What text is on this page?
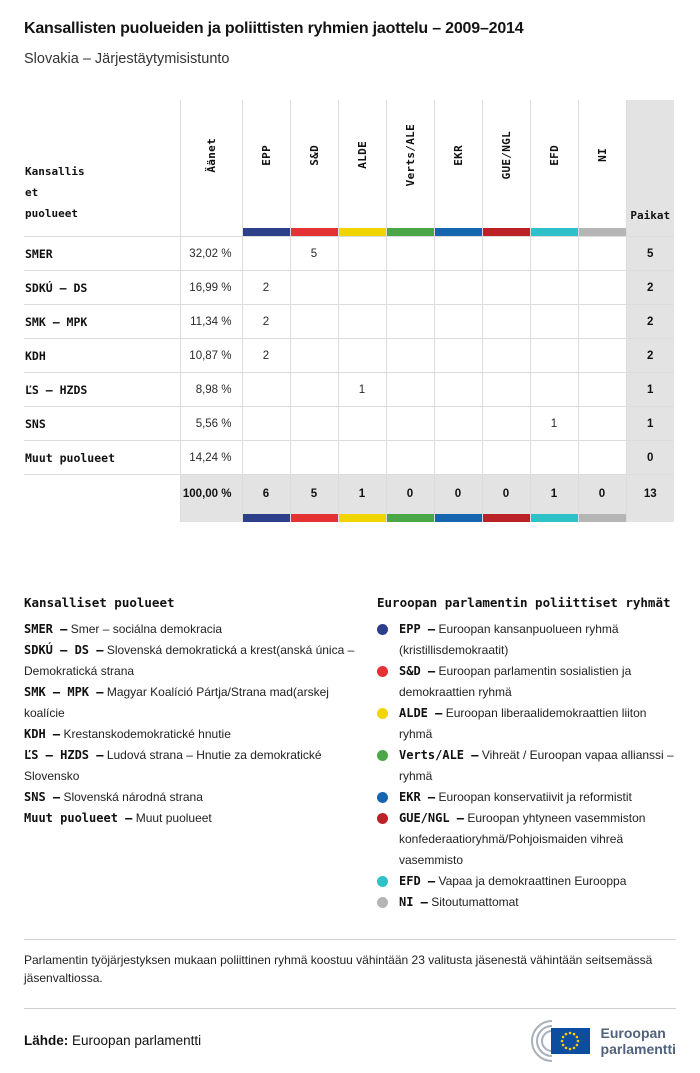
Kansallisten puolueiden ja poliittisten ryhmien jaottelu – 2009–2014
Slovakia – Järjestäytymisistunto
Kansallis
et
puolueet	Äänet	EPP	S&D	ALDE	Verts/ALE	EKR	GUE/NGL	EFD	NI	Paikat

SMER	32,02 %		5							5
SDKÚ – DS	16,99 %	2								2
SMK – MPK	11,34 %	2								2
KDH	10,87 %	2								2
ĽS – HZDS	8,98 %			1						1
SNS	5,56 %							1		1
Muut puolueet	14,24 %									0
	100,00 %	6	5	1	0	0	0	1	0	13

Kansalliset puolueet
SMER – Smer – sociálna demokracia
SDKÚ – DS – Slovenská demokratická a krest(anská única – Demokratická strana
SMK – MPK – Magyar Koalíció Pártja/Strana mad(arskej koalície
KDH – Krestanskodemokratické hnutie
ĽS – HZDS – Ludová strana – Hnutie za demokratické Slovensko
SNS – Slovenská národná strana
Muut puolueet – Muut puolueet
Euroopan parlamentin poliittiset ryhmät
EPP – Euroopan kansanpuolueen ryhmä (kristillisdemokraatit)
S&D – Euroopan parlamentin sosialistien ja demokraattien ryhmä
ALDE – Euroopan liberaalidemokraattien liiton ryhmä
Verts/ALE – Vihreät / Euroopan vapaa allianssi – ryhmä
EKR – Euroopan konservatiivit ja reformistit
GUE/NGL – Euroopan yhtyneen vasemmiston konfederaatioryhmä/Pohjoismaiden vihreä vasemmisto
EFD – Vapaa ja demokraattinen Eurooppa
NI – Sitoutumattomat
Parlamentin työjärjestyksen mukaan poliittinen ryhmä koostuu vähintään 23 valitusta jäsenestä vähintään seitsemässä jäsenvaltiossa.
Lähde: Euroopan parlamentti	Euroopan
parlamentti
